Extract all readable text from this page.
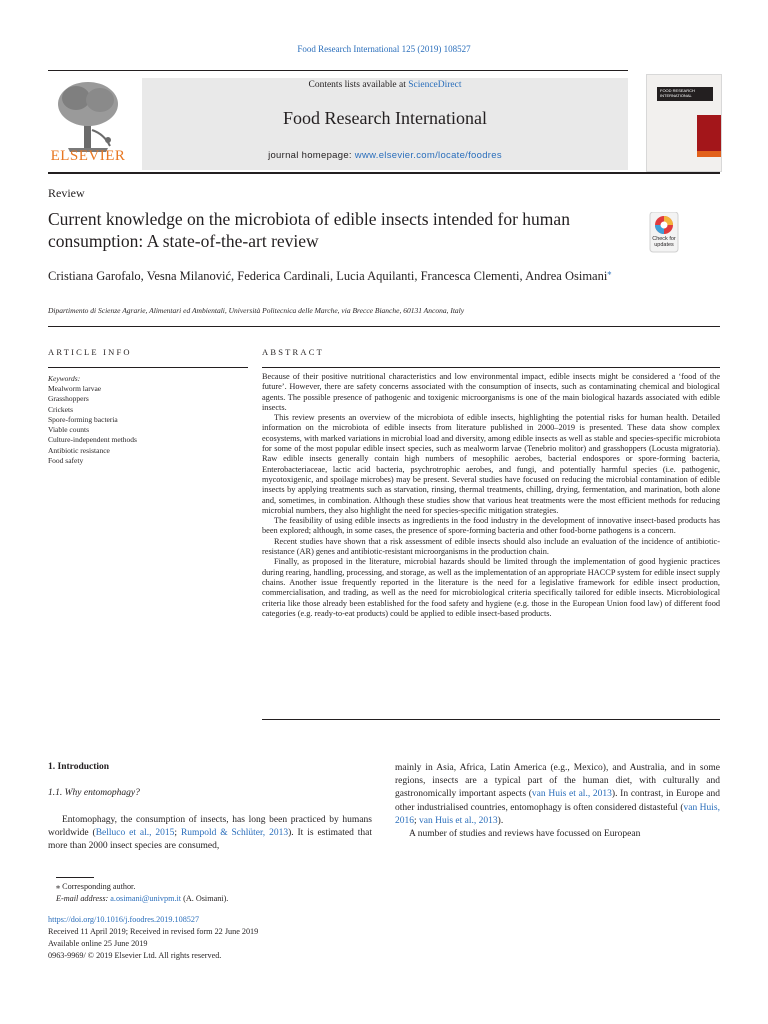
Food Research International 125 (2019) 108527
Contents lists available at ScienceDirect
Food Research International
journal homepage: www.elsevier.com/locate/foodres
ELSEVIER
FOOD RESEARCH INTERNATIONAL
Review
Current knowledge on the microbiota of edible insects intended for human consumption: A state-of-the-art review	Check for updates
Cristiana Garofalo, Vesna Milanović, Federica Cardinali, Lucia Aquilanti, Francesca Clementi, Andrea Osimani⁎
Dipartimento di Scienze Agrarie, Alimentari ed Ambientali, Università Politecnica delle Marche, via Brecce Bianche, 60131 Ancona, Italy
ARTICLE INFO	ABSTRACT
Keywords:
Mealworm larvae
Grasshoppers
Crickets
Spore-forming bacteria
Viable counts
Culture-independent methods
Antibiotic resistance
Food safety

Because of their positive nutritional characteristics and low environmental impact, edible insects might be considered a ‘food of the future’. However, there are safety concerns associated with the consumption of insects, such as contaminating chemical and biological agents. The possible presence of pathogenic and toxigenic microorganisms is one of the main biological hazards associated with edible insects.

This review presents an overview of the microbiota of edible insects, highlighting the potential risks for human health. Detailed information on the microbiota of edible insects from literature published in 2000–2019 is presented. These data show complex ecosystems, with marked variations in microbial load and diversity, among edible insects as well as stable and species-specific microbiota for some of the most popular edible insect species, such as mealworm larvae (Tenebrio molitor) and grasshoppers (Locusta migratoria). Raw edible insects generally contain high numbers of mesophilic aerobes, bacterial endospores or spore-forming bacteria, Enterobacteriaceae, lactic acid bacteria, psychrotrophic aerobes, and fungi, and potentially harmful species (i.e. pathogenic, mycotoxigenic, and spoilage microbes) may be present. Several studies have focused on reducing the microbial contamination of edible insects by applying treatments such as starvation, rinsing, thermal treatments, chilling, drying, fermentation, and marination, both alone and, sometimes, in combination. Although these studies show that various heat treatments were the most efficient methods for reducing microbial numbers, they also highlight the need for species-specific mitigation strategies.

The feasibility of using edible insects as ingredients in the food industry in the development of innovative insect-based products has been explored; although, in some cases, the presence of spore-forming bacteria and other food-borne pathogens is a concern.

Recent studies have shown that a risk assessment of edible insects should also include an evaluation of the incidence of antibiotic-resistance (AR) genes and antibiotic-resistant microorganisms in the production chain.

Finally, as proposed in the literature, microbial hazards should be limited through the implementation of good hygienic practices during rearing, handling, processing, and storage, as well as the implementation of an appropriate HACCP system for edible insect supply chains. Another issue frequently reported in the literature is the need for a legislative framework for edible insect production, commercialisation, and trading, as well as the need for microbiological criteria specifically tailored for edible insects. Microbiological criteria like those already been established for the food safety and hygiene (e.g. those in the European Union food law) of different food categories (e.g. ready-to-eat products) could be applied to edible insect-based products.

1. Introduction
1.1. Why entomophagy?
Entomophagy, the consumption of insects, has long been practiced by humans worldwide (Belluco et al., 2015; Rumpold & Schlüter, 2013). It is estimated that more than 2000 insect species are consumed,

mainly in Asia, Africa, Latin America (e.g., Mexico), and Australia, and in some regions, insects are a typical part of the human diet, with culturally and gastronomically important aspects (van Huis et al., 2013). In contrast, in Europe and other industrialised countries, entomophagy is often considered distasteful (van Huis, 2016; van Huis et al., 2013).

A number of studies and reviews have focussed on European

⁎ Corresponding author.
E-mail address: a.osimani@univpm.it (A. Osimani).
https://doi.org/10.1016/j.foodres.2019.108527
Received 11 April 2019; Received in revised form 22 June 2019
Available online 25 June 2019
0963-9969/ © 2019 Elsevier Ltd. All rights reserved.
